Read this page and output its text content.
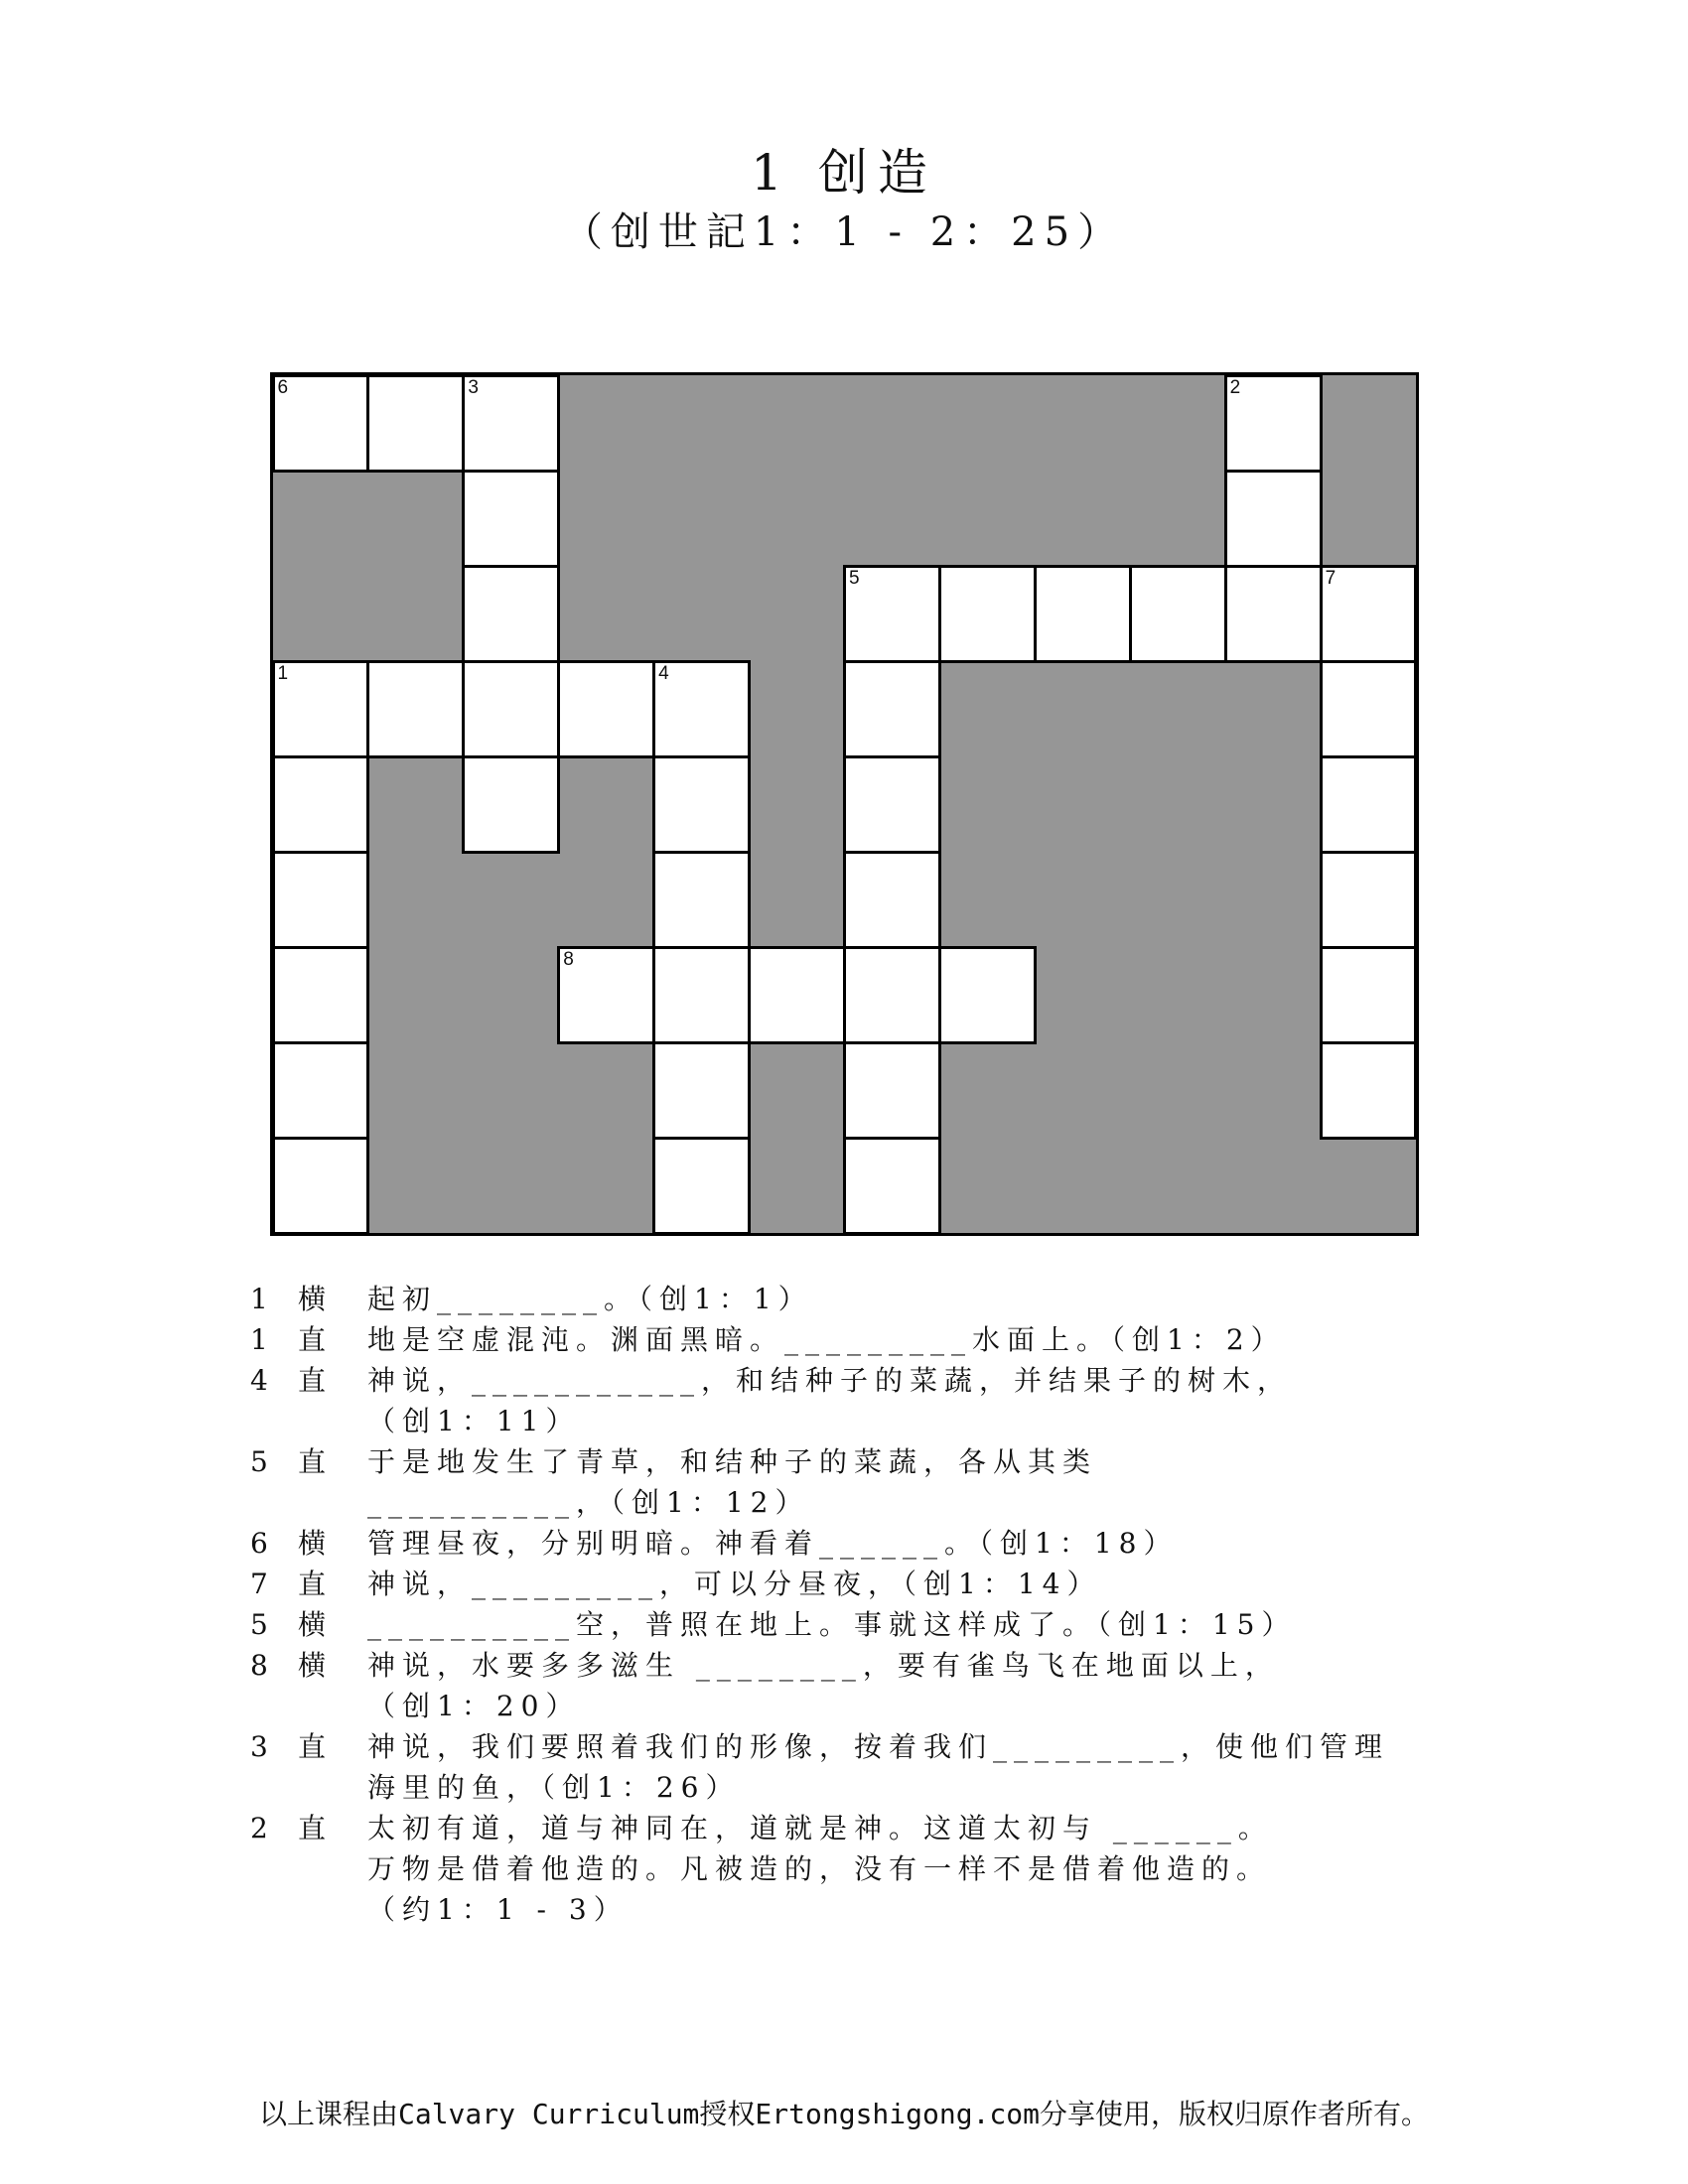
1 创造
（创世記1：1 - 2：25）
6	3	2
5	7
1	4
8
1	横	起初________。（创1：1）
1	直	地是空虚混沌。渊面黑暗。_________水面上。（创1：2）
4	直	神说，___________，和结种子的菜蔬，并结果子的树木，
（创1：11）
5	直	于是地发生了青草，和结种子的菜蔬，各从其类
__________，（创1：12）
6	横	管理昼夜，分别明暗。神看着______。（创1：18）
7	直	神说，_________，可以分昼夜，（创1：14）
5	横	__________空，普照在地上。事就这样成了。（创1：15）
8	横	神说，水要多多滋生 ________，要有雀鸟飞在地面以上，
（创1：20）
3	直	神说，我们要照着我们的形像，按着我们_________，使他们管理
海里的鱼，（创1：26）
2	直	太初有道，道与神同在，道就是神。这道太初与 ______。
万物是借着他造的。凡被造的，没有一样不是借着他造的。
（约1：1 - 3）
以上课程由Calvary Curriculum授权Ertongshigong.com分享使用，版权归原作者所有。
